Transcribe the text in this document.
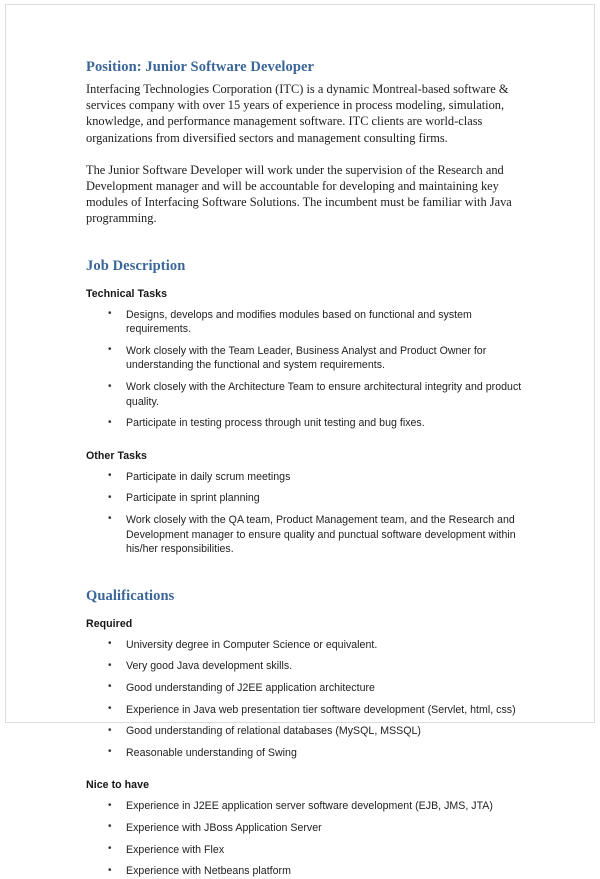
Position: Junior Software Developer

Interfacing Technologies Corporation (ITC) is a dynamic Montreal-based software & services company with over 15 years of experience in process modeling, simulation, knowledge, and performance management software. ITC clients are world-class organizations from diversified sectors and management consulting firms.

The Junior Software Developer will work under the supervision of the Research and Development manager and will be accountable for developing and maintaining key modules of Interfacing Software Solutions. The incumbent must be familiar with Java programming.

Job Description
Technical Tasks
• Designs, develops and modifies modules based on functional and system requirements.
• Work closely with the Team Leader, Business Analyst and Product Owner for understanding the functional and system requirements.
• Work closely with the Architecture Team to ensure architectural integrity and product quality.
• Participate in testing process through unit testing and bug fixes.
Other Tasks
• Participate in daily scrum meetings
• Participate in sprint planning
• Work closely with the QA team, Product Management team, and the Research and Development manager to ensure quality and punctual software development within his/her responsibilities.
Qualifications
Required
• University degree in Computer Science or equivalent.
• Very good Java development skills.
• Good understanding of J2EE application architecture
• Experience in Java web presentation tier software development (Servlet, html, css)
• Good understanding of relational databases (MySQL, MSSQL)
• Reasonable understanding of Swing
Nice to have
• Experience in J2EE application server software development (EJB, JMS, JTA)
• Experience with JBoss Application Server
• Experience with Flex
• Experience with Netbeans platform
